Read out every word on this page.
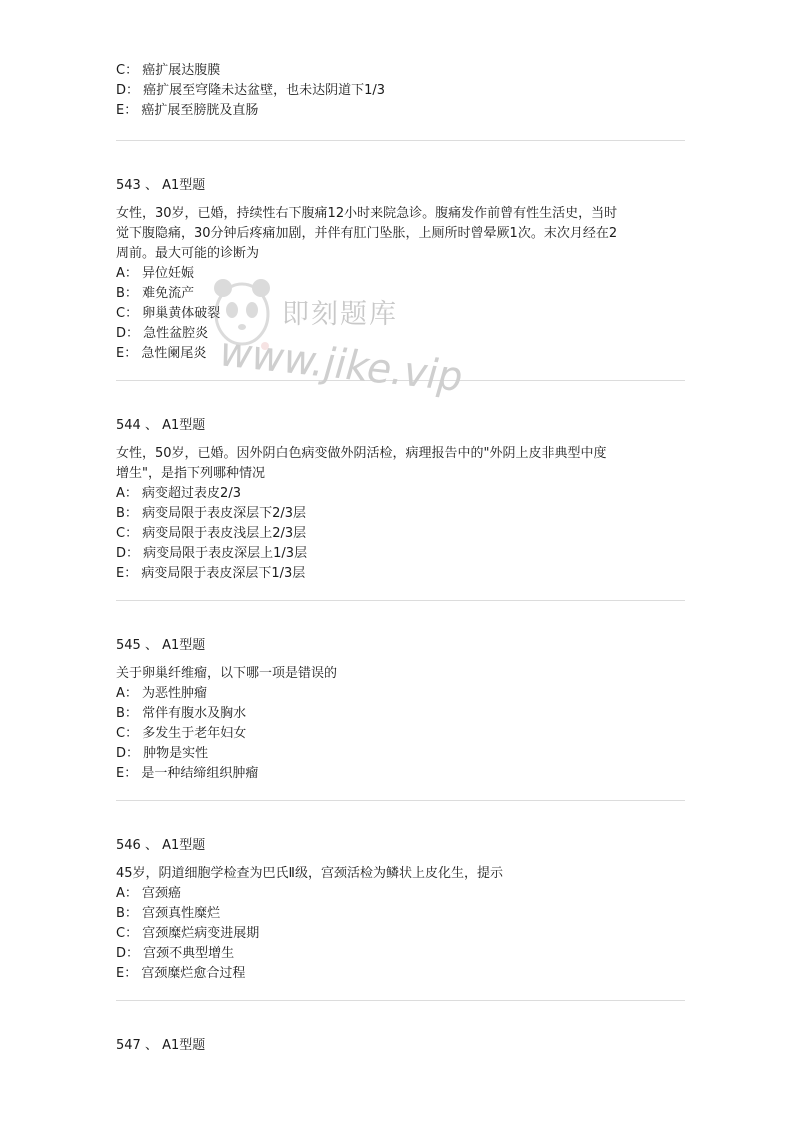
C： 癌扩展达腹膜
D： 癌扩展至穹隆未达盆壁，也未达阴道下1/3
E： 癌扩展至膀胱及直肠
543 、 A1型题
女性，30岁，已婚，持续性右下腹痛12小时来院急诊。腹痛发作前曾有性生活史，当时
觉下腹隐痛，30分钟后疼痛加剧，并伴有肛门坠胀，上厕所时曾晕厥1次。末次月经在2
周前。最大可能的诊断为
A： 异位妊娠
B： 难免流产
C： 卵巢黄体破裂
D： 急性盆腔炎
E： 急性阑尾炎
544 、 A1型题
女性，50岁，已婚。因外阴白色病变做外阴活检，病理报告中的"外阴上皮非典型中度
增生"，是指下列哪种情况
A： 病变超过表皮2/3
B： 病变局限于表皮深层下2/3层
C： 病变局限于表皮浅层上2/3层
D： 病变局限于表皮深层上1/3层
E： 病变局限于表皮深层下1/3层
545 、 A1型题
关于卵巢纤维瘤，以下哪一项是错误的
A： 为恶性肿瘤
B： 常伴有腹水及胸水
C： 多发生于老年妇女
D： 肿物是实性
E： 是一种结缔组织肿瘤
546 、 A1型题
45岁，阴道细胞学检查为巴氏Ⅱ级，宫颈活检为鳞状上皮化生，提示
A： 宫颈癌
B： 宫颈真性糜烂
C： 宫颈糜烂病变进展期
D： 宫颈不典型增生
E： 宫颈糜烂愈合过程
547 、 A1型题
即刻题库
www.jike.vip
